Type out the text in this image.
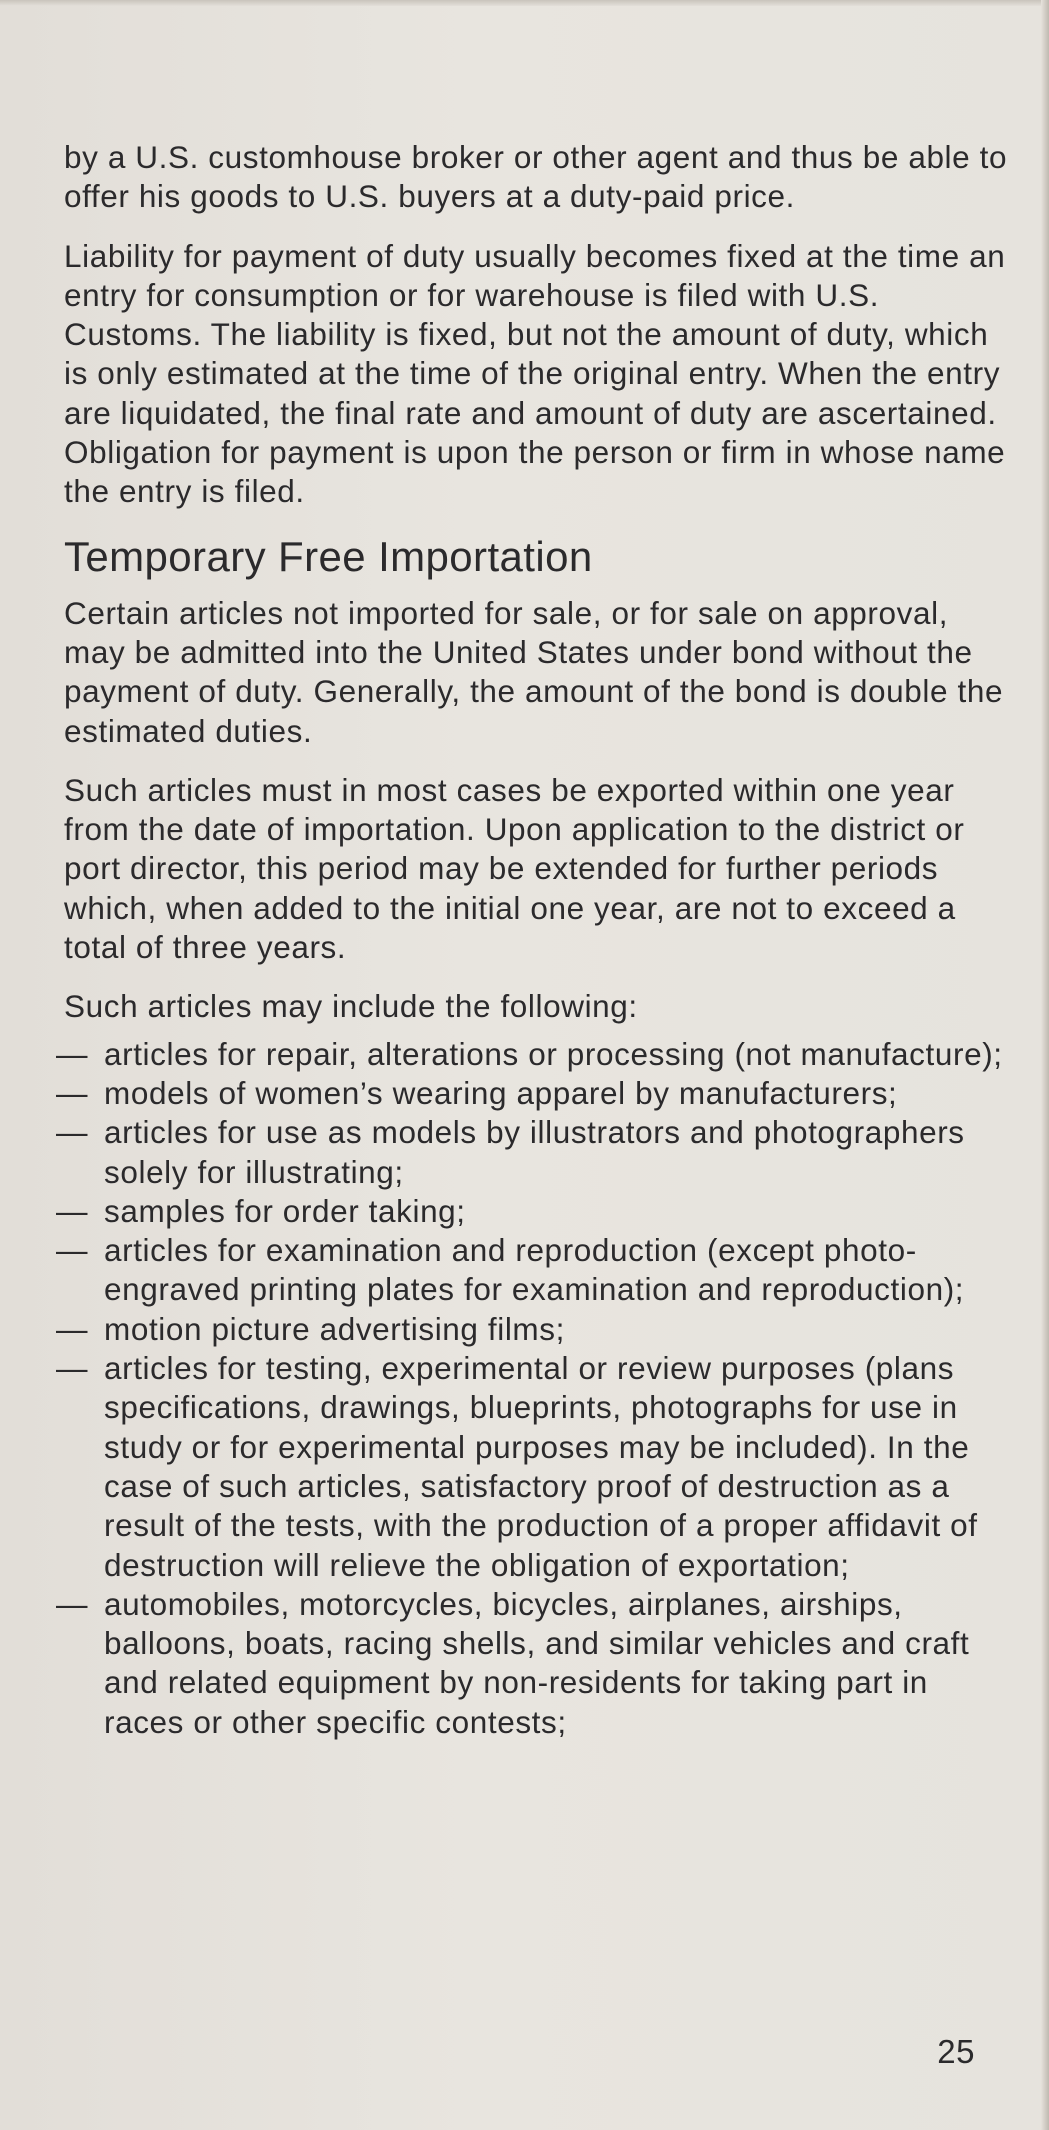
by a U.S. customhouse broker or other agent and thus be able to offer his goods to U.S. buyers at a duty-paid price.

Liability for payment of duty usually becomes fixed at the time an entry for consumption or for warehouse is filed with U.S. Customs. The liability is fixed, but not the amount of duty, which is only estimated at the time of the original entry. When the entry are liquidated, the final rate and amount of duty are ascertained. Obligation for payment is upon the person or firm in whose name the entry is filed.

Temporary Free Importation

Certain articles not imported for sale, or for sale on approval, may be admitted into the United States under bond without the payment of duty. Generally, the amount of the bond is double the estimated duties.

Such articles must in most cases be exported within one year from the date of importation. Upon application to the district or port director, this period may be extended for further periods which, when added to the initial one year, are not to exceed a total of three years.

Such articles may include the following:

— articles for repair, alterations or processing (not manufacture);
— models of women’s wearing apparel by manufacturers;
— articles for use as models by illustrators and photographers solely for illustrating;
— samples for order taking;
— articles for examination and reproduction (except photo-engraved printing plates for examination and reproduction);
— motion picture advertising films;
— articles for testing, experimental or review purposes (plans specifications, drawings, blueprints, photographs for use in study or for experimental purposes may be included). In the case of such articles, satisfactory proof of destruction as a result of the tests, with the production of a proper affidavit of destruction will relieve the obligation of exportation;
— automobiles, motorcycles, bicycles, airplanes, airships, balloons, boats, racing shells, and similar vehicles and craft and related equipment by non-residents for taking part in races or other specific contests;
25
